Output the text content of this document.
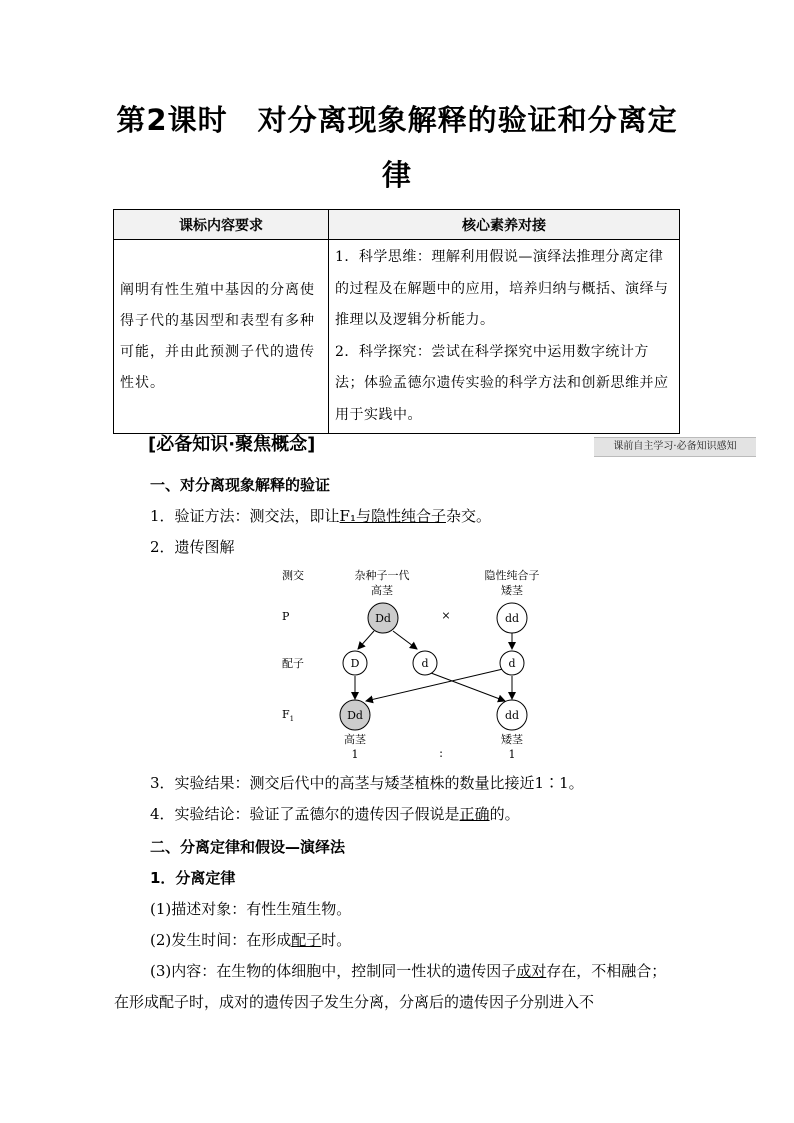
第2课时　对分离现象解释的验证和分离定
律
课标内容要求	核心素养对接
阐明有性生殖中基因的分离使得子代的基因型和表型有多种可能，并由此预测子代的遗传性状。	1．科学思维：理解利用假说—演绎法推理分离定律的过程及在解题中的应用，培养归纳与概括、演绎与推理以及逻辑分析能力。
2．科学探究：尝试在科学探究中运用数字统计方法；体验孟德尔遗传实验的科学方法和创新思维并应用于实践中。
[必备知识·聚焦概念]	课前自主学习·必备知识感知
一、对分离现象解释的验证
1．验证方法：测交法，即让F₁与隐性纯合子杂交。
2．遗传图解
测交	杂种子一代
高茎
隐性纯合子
矮茎
P
配子
$F_1$
Dd	×	dd
D	d	d
Dd	dd
高茎	矮茎
1	∶	1
3．实验结果：测交后代中的高茎与矮茎植株的数量比接近1∶1。
4．实验结论：验证了孟德尔的遗传因子假说是正确的。
二、分离定律和假设—演绎法
1．分离定律
(1)描述对象：有性生殖生物。
(2)发生时间：在形成配子时。
(3)内容：在生物的体细胞中，控制同一性状的遗传因子成对存在，不相融合；在形成配子时，成对的遗传因子发生分离，分离后的遗传因子分别进入不
